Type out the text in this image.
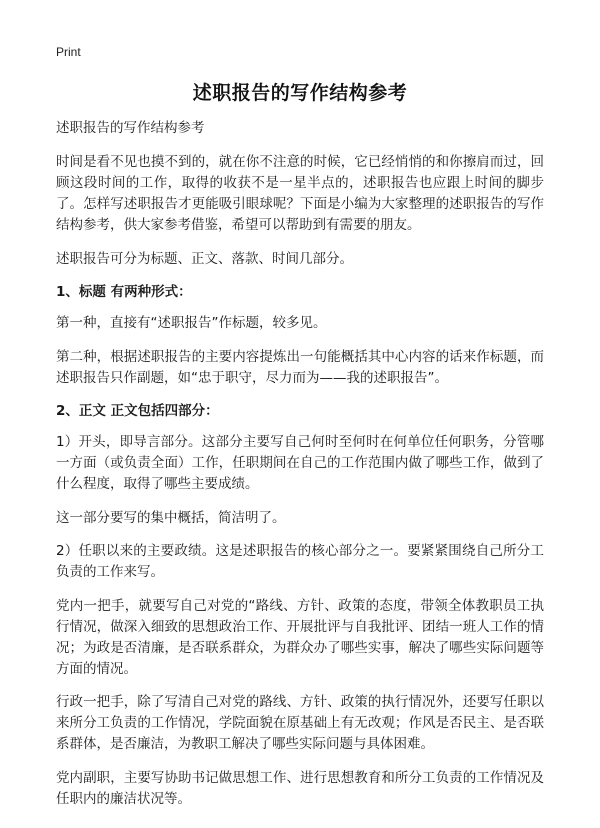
Print
述职报告的写作结构参考

述职报告的写作结构参考

时间是看不见也摸不到的，就在你不注意的时候，它已经悄悄的和你擦肩而过，回顾这段时间的工作，取得的收获不是一星半点的，述职报告也应跟上时间的脚步了。怎样写述职报告才更能吸引眼球呢？下面是小编为大家整理的述职报告的写作结构参考，供大家参考借鉴，希望可以帮助到有需要的朋友。

述职报告可分为标题、正文、落款、时间几部分。

1、标题 有两种形式：

第一种，直接有“述职报告”作标题，较多见。

第二种，根据述职报告的主要内容提炼出一句能概括其中心内容的话来作标题，而述职报告只作副题，如“忠于职守，尽力而为——我的述职报告”。

2、正文 正文包括四部分：

1）开头，即导言部分。这部分主要写自己何时至何时在何单位任何职务，分管哪一方面（或负责全面）工作，任职期间在自己的工作范围内做了哪些工作，做到了什么程度，取得了哪些主要成绩。

这一部分要写的集中概括，简洁明了。

2）任职以来的主要政绩。这是述职报告的核心部分之一。要紧紧围绕自己所分工负责的工作来写。

党内一把手，就要写自己对党的“路线、方针、政策的态度，带领全体教职员工执行情况，做深入细致的思想政治工作、开展批评与自我批评、团结一班人工作的情况；为政是否清廉，是否联系群众，为群众办了哪些实事，解决了哪些实际问题等方面的情况。

行政一把手，除了写清自己对党的路线、方针、政策的执行情况外，还要写任职以来所分工负责的工作情况，学院面貌在原基础上有无改观；作风是否民主、是否联系群体，是否廉洁，为教职工解决了哪些实际问题与具体困难。

党内副职，主要写协助书记做思想工作、进行思想教育和所分工负责的工作情况及任职内的廉洁状况等。
